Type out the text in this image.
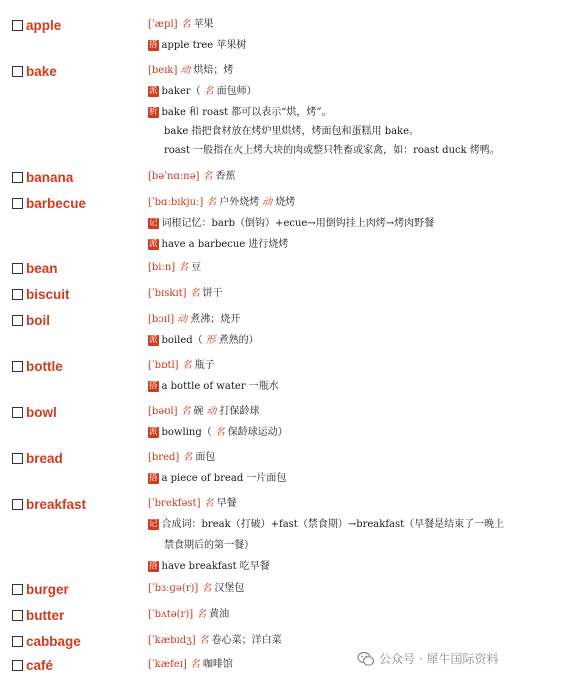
apple	[ˈæpl] 名 苹果
搭 apple tree 苹果树
bake	[beɪk] 动 烘焙；烤
派 baker（ 名 面包师）
析 bake 和 roast 都可以表示“烘，烤”。
bake 指把食材放在烤炉里烘烤，烤面包和蛋糕用 bake。
roast 一般指在火上烤大块的肉或整只牲畜或家禽，如：roast duck 烤鸭。
banana	[bəˈnɑːnə] 名 香蕉
barbecue	[ˈbɑːbɪkjuː] 名 户外烧烤 动 烧烤
记 词根记忆：barb（倒钩）+ecue→用倒钩挂上肉烤→烤肉野餐
派 have a barbecue 进行烧烤
bean	[biːn] 名 豆
biscuit	[ˈbɪskɪt] 名 饼干
boil	[bɔɪl] 动 煮沸；烧开
派 boiled（ 形 煮熟的）
bottle	[ˈbɒtl] 名 瓶子
搭 a bottle of water 一瓶水
bowl	[bəʊl] 名 碗 动 打保龄球
派 bowling（ 名 保龄球运动）
bread	[bred] 名 面包
搭 a piece of bread 一片面包
breakfast	[ˈbrekfəst] 名 早餐
记 合成词：break（打破）+fast（禁食期）→breakfast（早餐是结束了一晚上
禁食期后的第一餐）
搭 have breakfast 吃早餐
burger	[ˈbɜːɡə(r)] 名 汉堡包
butter	[ˈbʌtə(r)] 名 黄油
cabbage	[ˈkæbɪdʒ] 名 卷心菜；洋白菜
café	[ˈkæfeɪ] 名 咖啡馆	公众号 · 犀牛国际资料
